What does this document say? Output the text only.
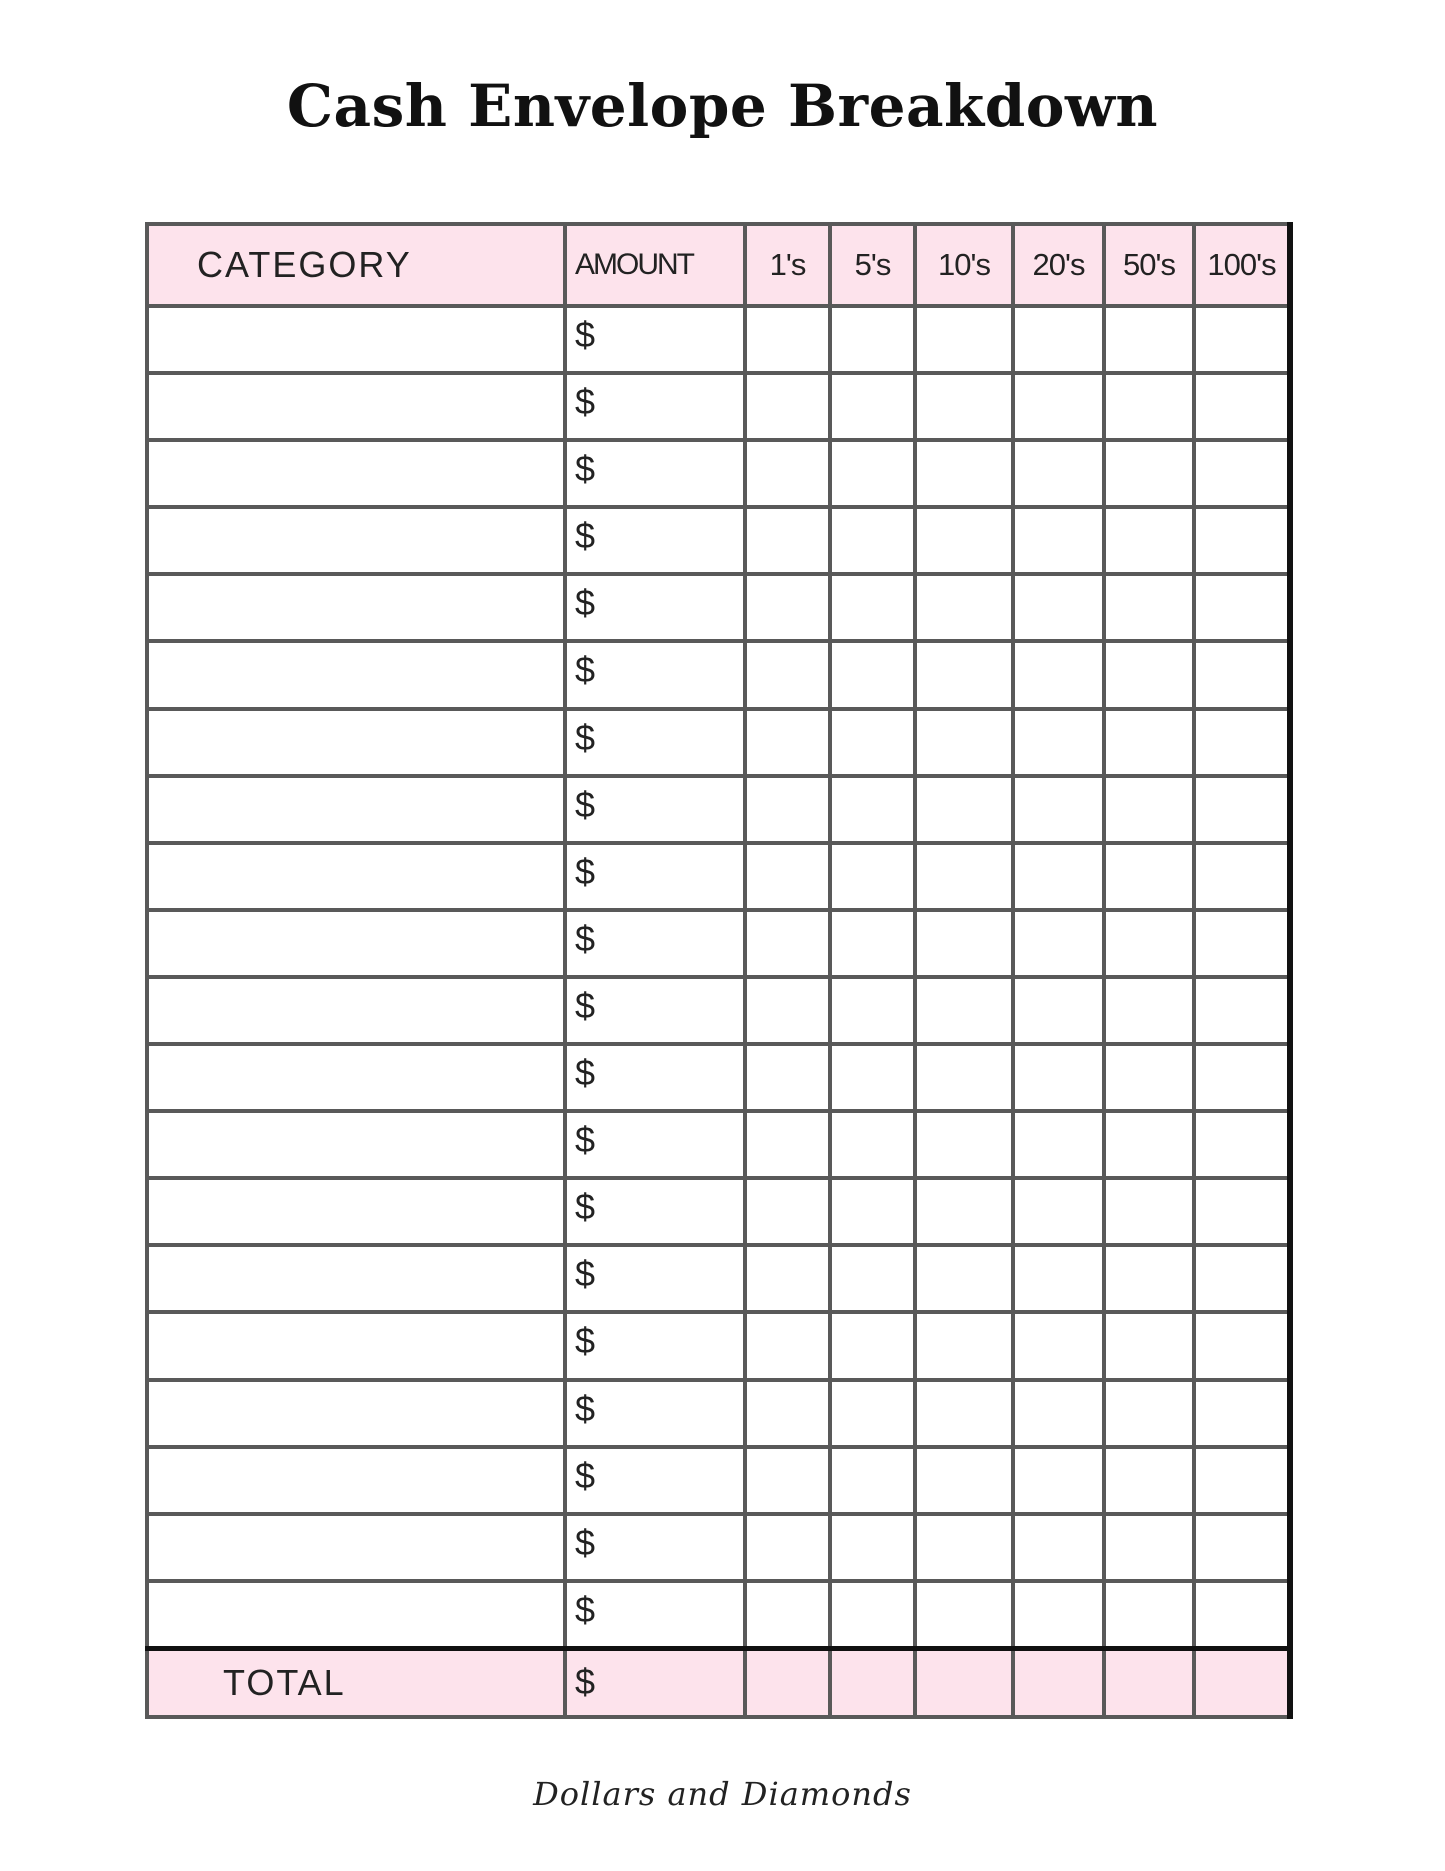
Cash Envelope Breakdown
CATEGORY	AMOUNT	1's	5's	10's	20's	50's	100's
	$						
	$						
	$						
	$						
	$						
	$						
	$						
	$						
	$						
	$						
	$						
	$						
	$						
	$						
	$						
	$						
	$						
	$						
	$						
	$						
TOTAL	$						
Dollars and Diamonds
